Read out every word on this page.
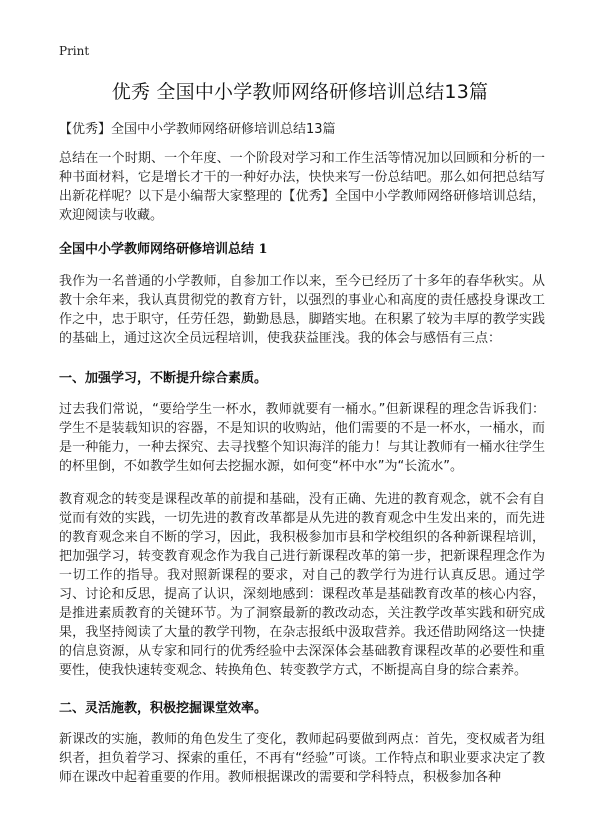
Print
优秀 全国中小学教师网络研修培训总结13篇

【优秀】全国中小学教师网络研修培训总结13篇

总结在一个时期、一个年度、一个阶段对学习和工作生活等情况加以回顾和分析的一种书面材料，它是增长才干的一种好办法，快快来写一份总结吧。那么如何把总结写出新花样呢？以下是小编帮大家整理的【优秀】全国中小学教师网络研修培训总结，欢迎阅读与收藏。

全国中小学教师网络研修培训总结 1

我作为一名普通的小学教师，自参加工作以来，至今已经历了十多年的春华秋实。从教十余年来，我认真贯彻党的教育方针，以强烈的事业心和高度的责任感投身课改工作之中，忠于职守，任劳任怨，勤勤恳恳，脚踏实地。在积累了较为丰厚的教学实践的基础上，通过这次全员远程培训，使我获益匪浅。我的体会与感悟有三点：

一、加强学习，不断提升综合素质。

过去我们常说，“要给学生一杯水，教师就要有一桶水。”但新课程的理念告诉我们：学生不是装载知识的容器，不是知识的收购站，他们需要的不是一杯水，一桶水，而是一种能力，一种去探究、去寻找整个知识海洋的能力！与其让教师有一桶水往学生的杯里倒，不如教学生如何去挖掘水源，如何变“杯中水”为“长流水”。

教育观念的转变是课程改革的前提和基础，没有正确、先进的教育观念，就不会有自觉而有效的实践，一切先进的教育改革都是从先进的教育观念中生发出来的，而先进的教育观念来自不断的学习，因此，我积极参加市县和学校组织的各种新课程培训，把加强学习，转变教育观念作为我自己进行新课程改革的第一步，把新课程理念作为一切工作的指导。我对照新课程的要求，对自己的教学行为进行认真反思。通过学习、讨论和反思，提高了认识，深刻地感到：课程改革是基础教育改革的核心内容，是推进素质教育的关键环节。为了洞察最新的教改动态，关注教学改革实践和研究成果，我坚持阅读了大量的教学刊物，在杂志报纸中汲取营养。我还借助网络这一快捷的信息资源，从专家和同行的优秀经验中去深深体会基础教育课程改革的必要性和重要性，使我快速转变观念、转换角色、转变教学方式，不断提高自身的综合素养。

二、灵活施教，积极挖掘课堂效率。

新课改的实施，教师的角色发生了变化，教师起码要做到两点：首先，变权威者为组织者，担负着学习、探索的重任，不再有“经验”可谈。工作特点和职业要求决定了教师在课改中起着重要的作用。教师根据课改的需要和学科特点，积极参加各种
